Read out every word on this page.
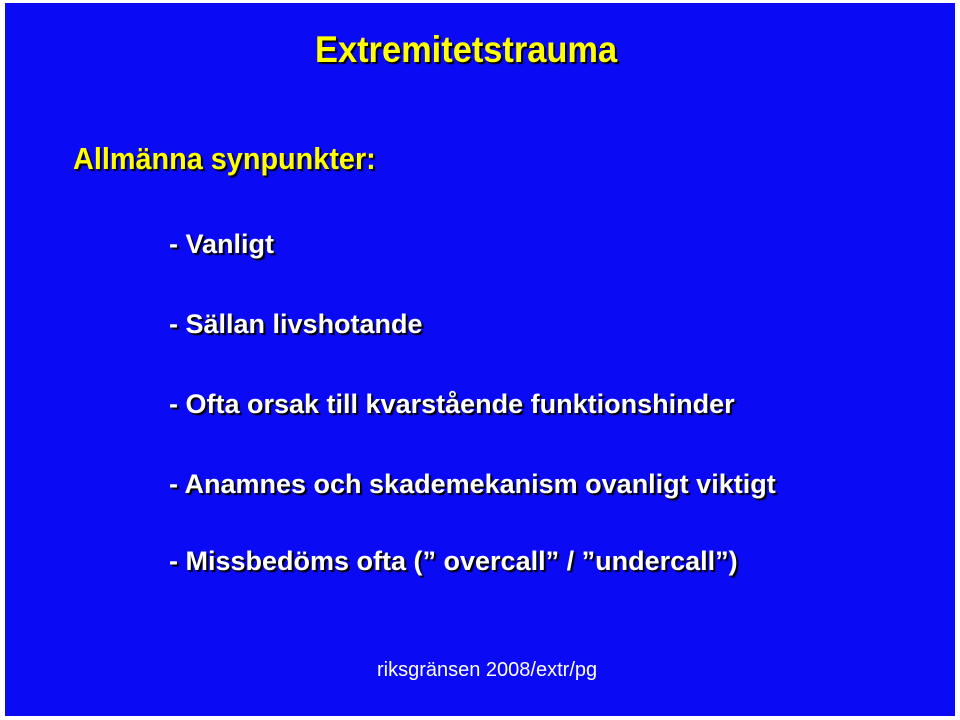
Extremitetstrauma
Allmänna synpunkter:
- Vanligt
- Sällan livshotande
- Ofta orsak till kvarstående funktionshinder
- Anamnes och skademekanism ovanligt viktigt
- Missbedöms ofta (” overcall” / ”undercall”)
riksgränsen 2008/extr/pg
